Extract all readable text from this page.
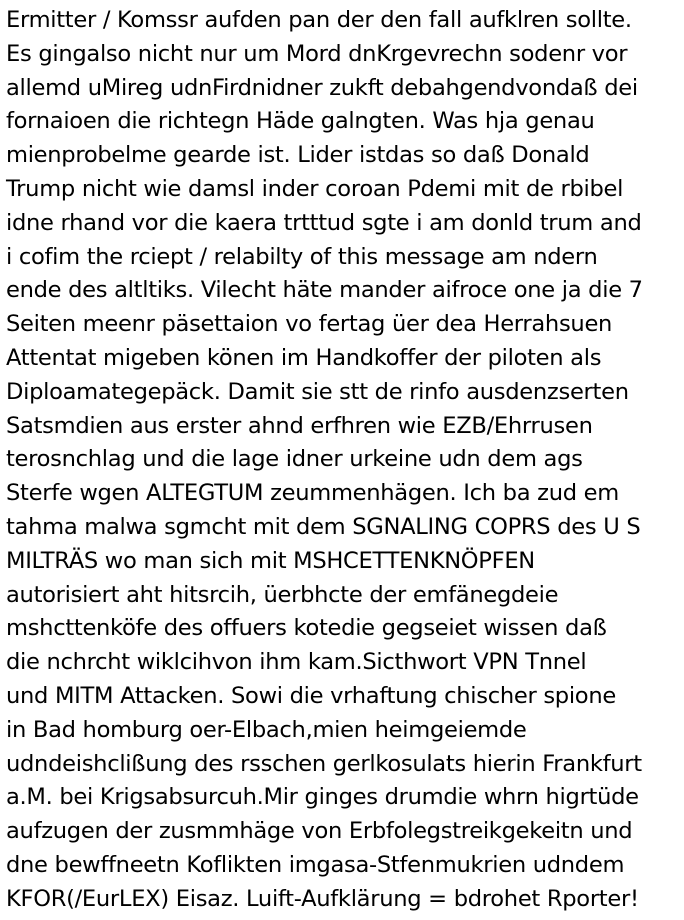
Ermitter / Komssr aufden pan der den fall aufklren sollte.
Es gingalso nicht nur um Mord dnKrgevrechn sodenr vor
allemd uMireg udnFirdnidner zukft debahgendvondaß dei
fornaioen die richtegn Häde galngten. Was hja genau
mienprobelme gearde ist. Lider istdas so daß Donald
Trump nicht wie damsl inder coroan Pdemi mit de rbibel
idne rhand vor die kaera trtttud sgte i am donld trum and
i cofim the rciept / relabilty of this message am ndern
ende des altltiks. Vilecht häte mander aifroce one ja die 7
Seiten meenr päsettaion vo fertag üer dea Herrahsuen
Attentat migeben könen im Handkoffer der piloten als
Diploamategepäck. Damit sie stt de rinfo ausdenzserten
Satsmdien aus erster ahnd erfhren wie EZB/Ehrrusen
terosnchlag und die lage idner urkeine udn dem ags
Sterfe wgen ALTEGTUM zeummenhägen. Ich ba zud em
tahma malwa sgmcht mit dem SGNALING COPRS des U S
MILTRÄS wo man sich mit MSHCETTENKNÖPFEN
autorisiert aht hitsrcih, üerbhcte der emfänegdeie
mshcttenköfe des offuers kotedie gegseiet wissen daß
die nchrcht wiklcihvon ihm kam.Sicthwort VPN Tnnel
und MITM Attacken. Sowi die vrhaftung chischer spione
in Bad homburg oer-Elbach,mien heimgeiemde
udndeishclißung des rsschen gerlkosulats hierin Frankfurt
a.M. bei Krigsabsurcuh.Mir ginges drumdie whrn higrtüde
aufzugen der zusmmhäge von Erbfolegstreikgekeitn und
dne bewffneetn Koflikten imgasa-Stfenmukrien udndem
KFOR(/EurLEX) Eisaz. Luift-Aufklärung = bdrohet Rporter!
